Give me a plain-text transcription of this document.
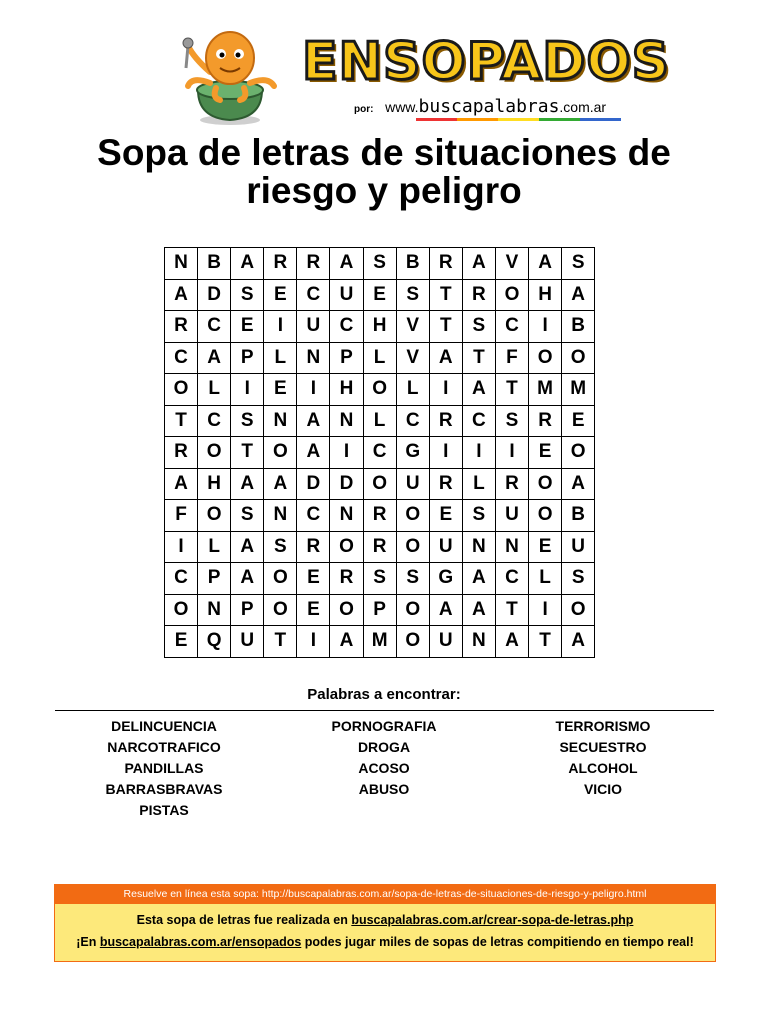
ENSOPADOS
por: www.buscapalabras.com.ar
Sopa de letras de situaciones de riesgo y peligro
N	B	A	R	R	A	S	B	R	A	V	A	S
A	D	S	E	C	U	E	S	T	R	O	H	A
R	C	E	I	U	C	H	V	T	S	C	I	B
C	A	P	L	N	P	L	V	A	T	F	O	O
O	L	I	E	I	H	O	L	I	A	T	M	M
T	C	S	N	A	N	L	C	R	C	S	R	E
R	O	T	O	A	I	C	G	I	I	I	E	O
A	H	A	A	D	D	O	U	R	L	R	O	A
F	O	S	N	C	N	R	O	E	S	U	O	B
I	L	A	S	R	O	R	O	U	N	N	E	U
C	P	A	O	E	R	S	S	G	A	C	L	S
O	N	P	O	E	O	P	O	A	A	T	I	O
E	Q	U	T	I	A	M	O	U	N	A	T	A
Palabras a encontrar:
DELINCUENCIA
NARCOTRAFICO
PANDILLAS
BARRASBRAVAS
PISTAS
PORNOGRAFIA
DROGA
ACOSO
ABUSO
TERRORISMO
SECUESTRO
ALCOHOL
VICIO
Resuelve en línea esta sopa: http://buscapalabras.com.ar/sopa-de-letras-de-situaciones-de-riesgo-y-peligro.html
Esta sopa de letras fue realizada en buscapalabras.com.ar/crear-sopa-de-letras.php
¡En buscapalabras.com.ar/ensopados podes jugar miles de sopas de letras compitiendo en tiempo real!
